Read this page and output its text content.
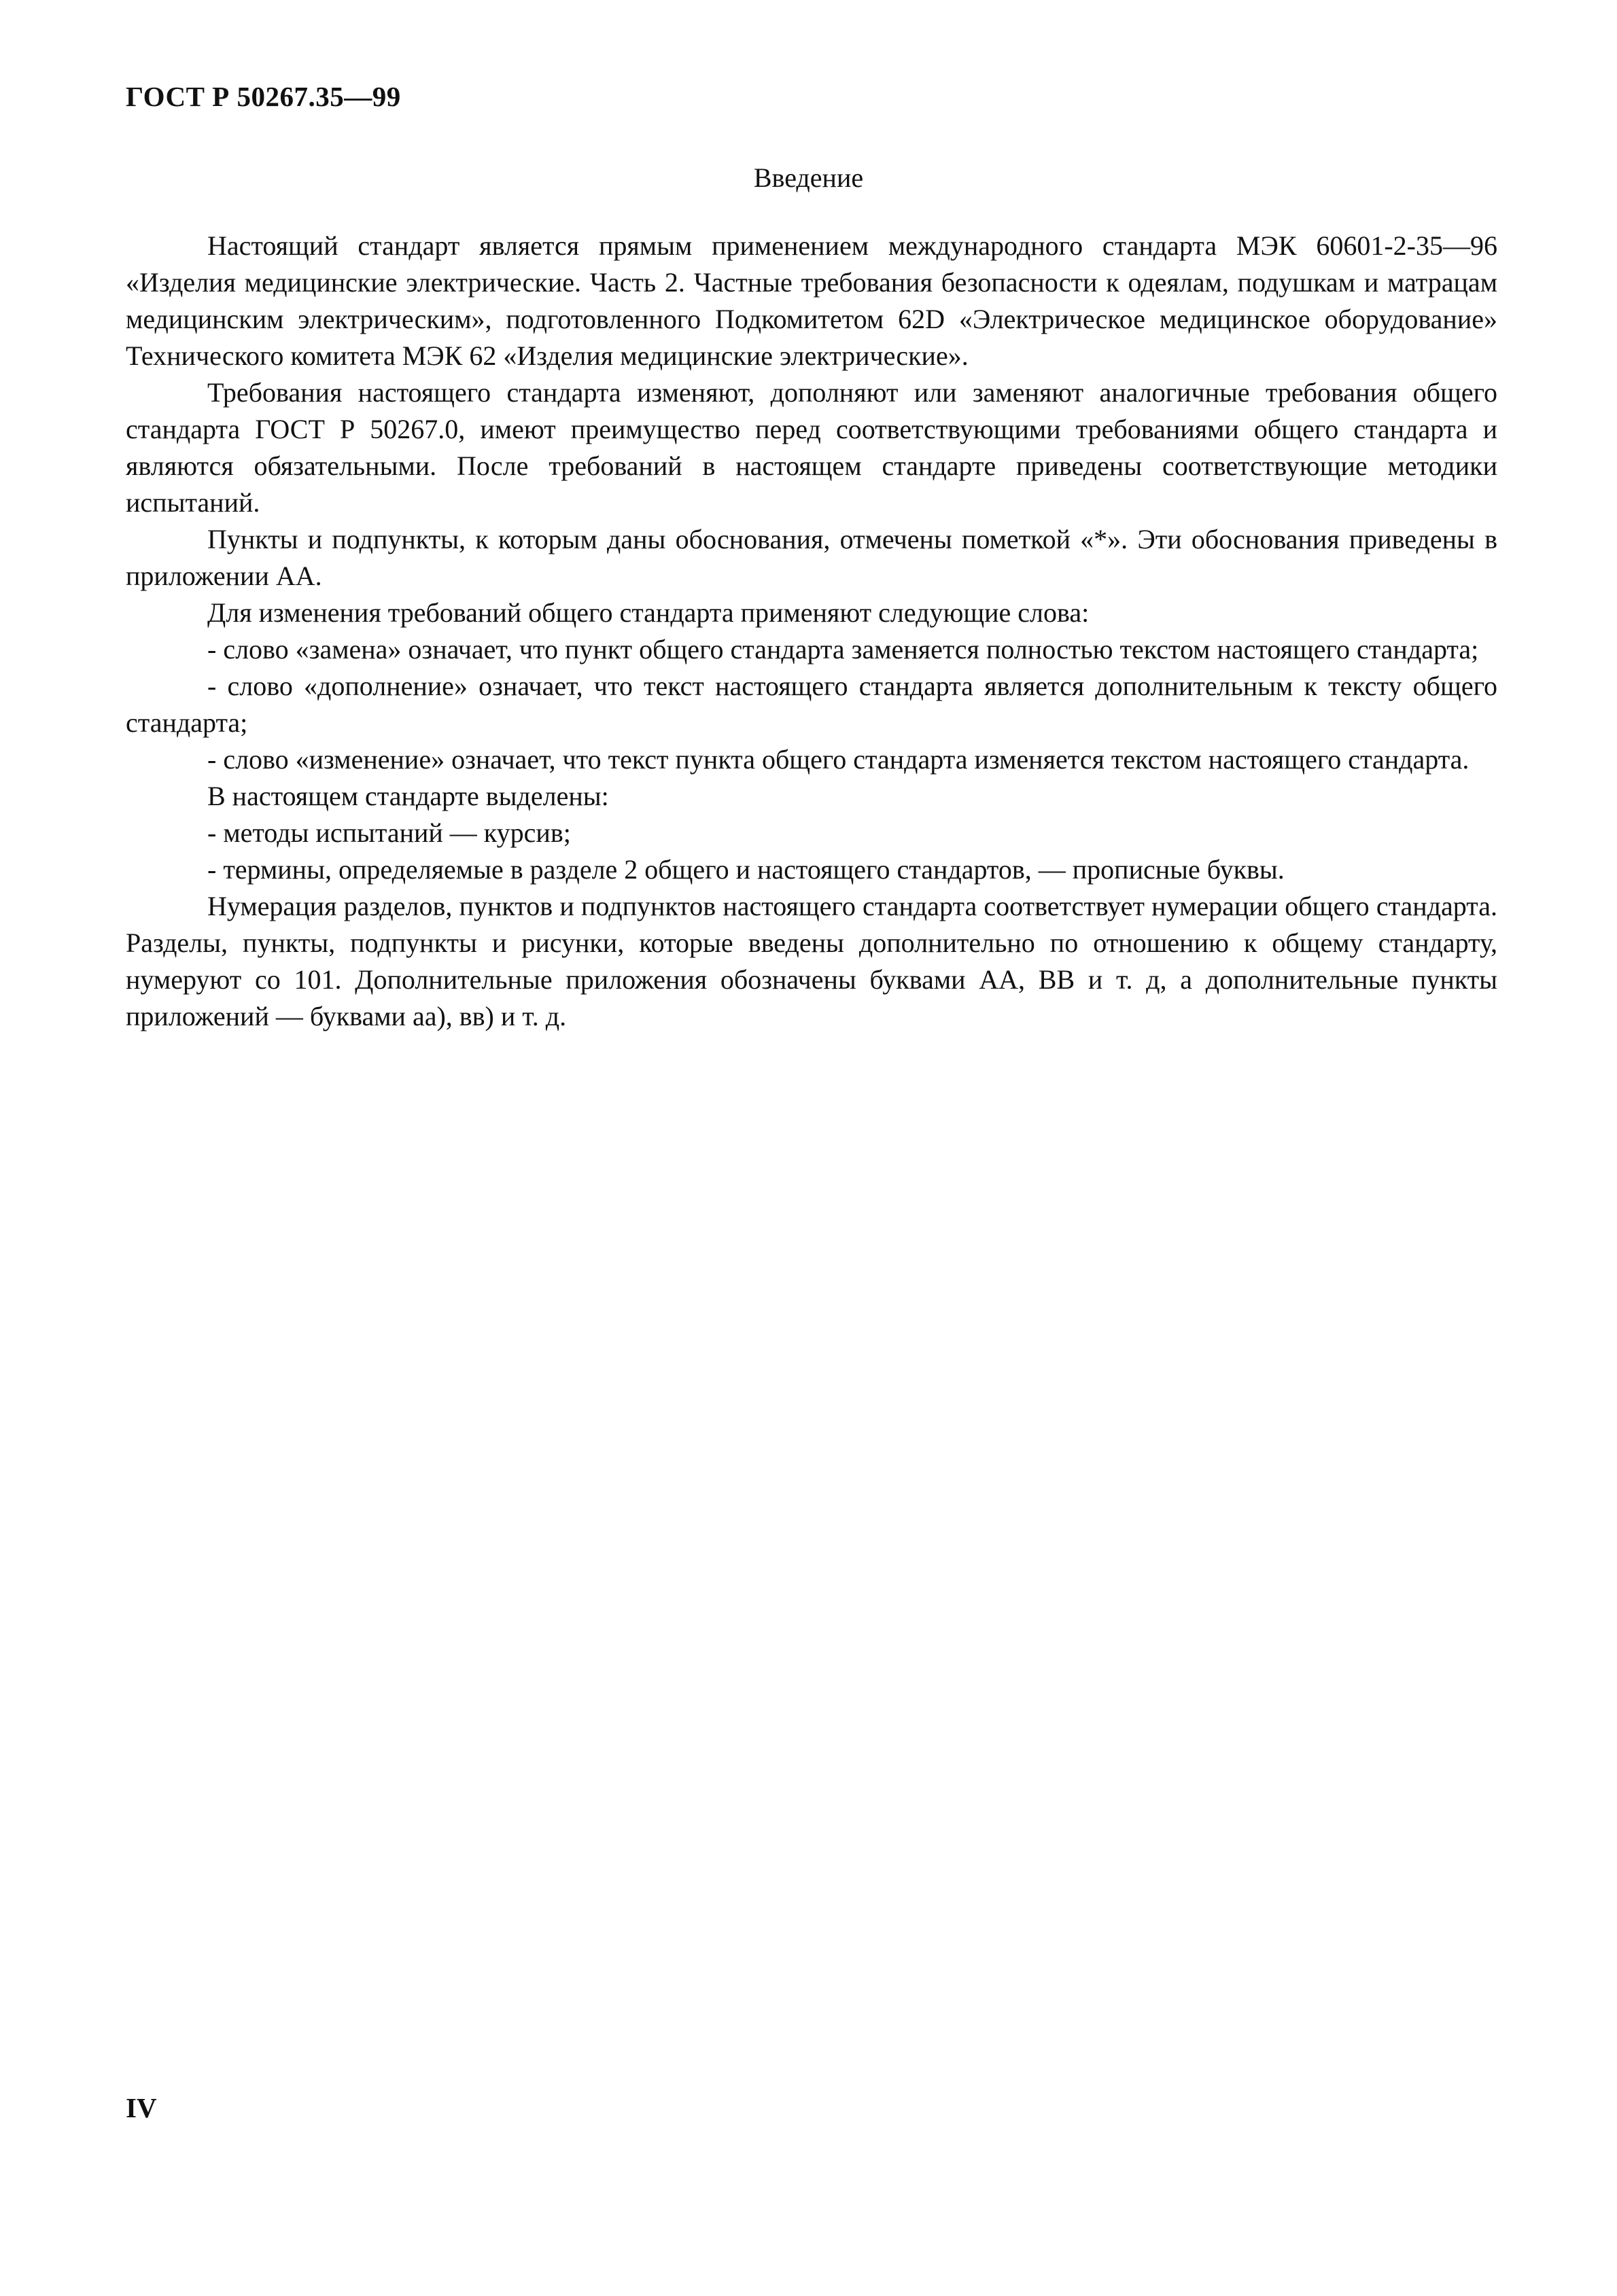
ГОСТ Р 50267.35—99
Введение

Настоящий стандарт является прямым применением международного стандарта МЭК 60601-2-35—96 «Изделия медицинские электрические. Часть 2. Частные требования безопасности к одеялам, подушкам и матрацам медицинским электрическим», подготовленного Подкомитетом 62D «Электрическое медицинское оборудование» Технического комитета МЭК 62 «Изделия медицинские электрические».

Требования настоящего стандарта изменяют, дополняют или заменяют аналогичные требования общего стандарта ГОСТ Р 50267.0, имеют преимущество перед соответствующими требованиями общего стандарта и являются обязательными. После требований в настоящем стандарте приведены соответствующие методики испытаний.

Пункты и подпункты, к которым даны обоснования, отмечены пометкой «*». Эти обоснования приведены в приложении АА.

Для изменения требований общего стандарта применяют следующие слова:

- слово «замена» означает, что пункт общего стандарта заменяется полностью текстом настоящего стандарта;

- слово «дополнение» означает, что текст настоящего стандарта является дополнительным к тексту общего стандарта;

- слово «изменение» означает, что текст пункта общего стандарта изменяется текстом настоящего стандарта.

В настоящем стандарте выделены:

- методы испытаний — курсив;

- термины, определяемые в разделе 2 общего и настоящего стандартов, — прописные буквы.

Нумерация разделов, пунктов и подпунктов настоящего стандарта соответствует нумерации общего стандарта. Разделы, пункты, подпункты и рисунки, которые введены дополнительно по отношению к общему стандарту, нумеруют со 101. Дополнительные приложения обозначены буквами АА, ВВ и т. д, а дополнительные пункты приложений — буквами аа), вв) и т. д.

IV
